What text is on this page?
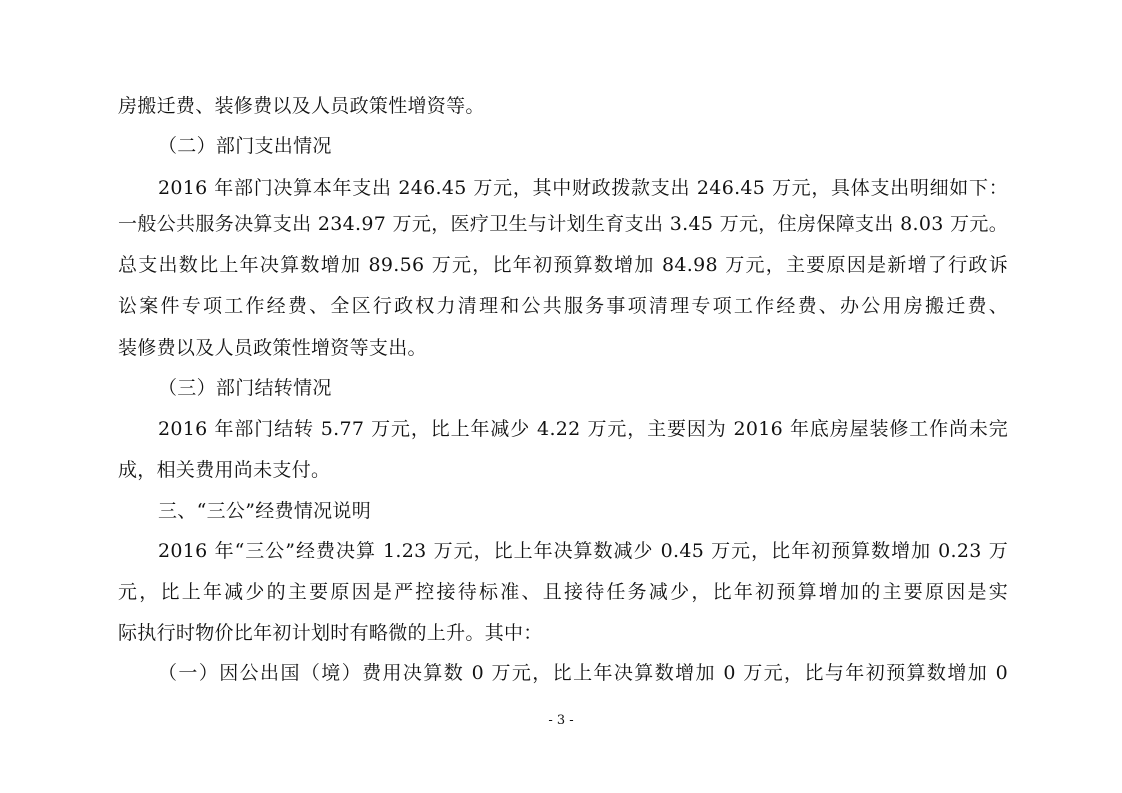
房搬迁费、装修费以及人员政策性增资等。
（二）部门支出情况
2016 年部门决算本年支出 246.45 万元，其中财政拨款支出 246.45 万元，具体支出明细如下：
一般公共服务决算支出 234.97 万元，医疗卫生与计划生育支出 3.45 万元，住房保障支出 8.03 万元。
总支出数比上年决算数增加 89.56 万元，比年初预算数增加 84.98 万元，主要原因是新增了行政诉
讼案件专项工作经费、全区行政权力清理和公共服务事项清理专项工作经费、办公用房搬迁费、
装修费以及人员政策性增资等支出。
（三）部门结转情况
2016 年部门结转 5.77 万元，比上年减少 4.22 万元，主要因为 2016 年底房屋装修工作尚未完
成，相关费用尚未支付。
三、“三公”经费情况说明
2016 年“三公”经费决算 1.23 万元，比上年决算数减少 0.45 万元，比年初预算数增加 0.23 万
元，比上年减少的主要原因是严控接待标准、且接待任务减少，比年初预算增加的主要原因是实
际执行时物价比年初计划时有略微的上升。其中：
（一）因公出国（境）费用决算数 0 万元，比上年决算数增加 0 万元，比与年初预算数增加 0
- 3 -
